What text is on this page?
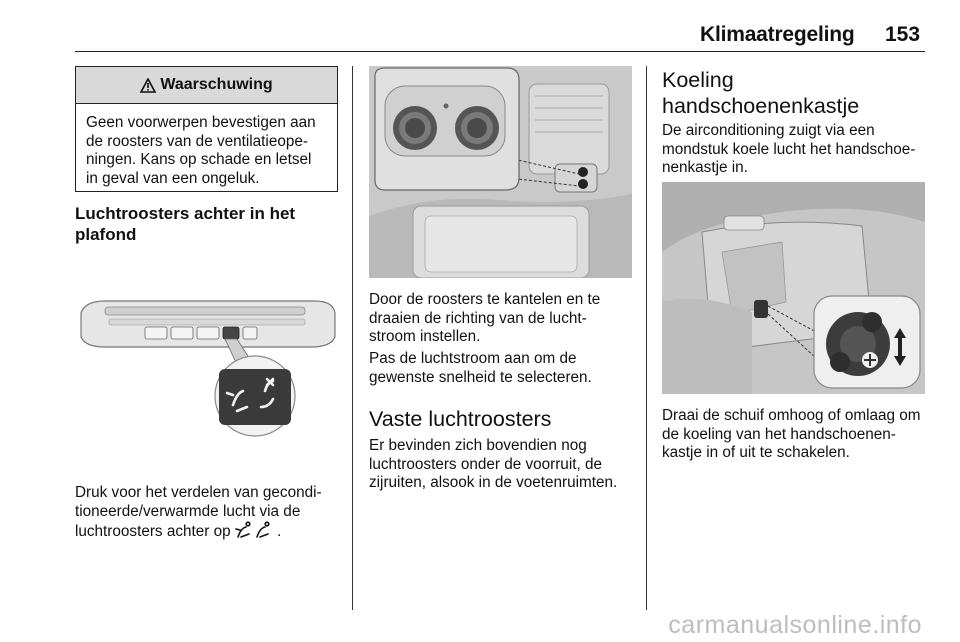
Klimaatregeling 153
Waarschuwing
Geen voorwerpen bevestigen aan
de roosters van de ventilatieope-
ningen. Kans op schade en letsel
in geval van een ongeluk.
Luchtroosters achter in het
plafond
Druk voor het verdelen van gecondi-
tioneerde/verwarmde lucht via de
luchtroosters achter op	.
Door de roosters te kantelen en te
draaien de richting van de lucht-
stroom instellen.
Pas de luchtstroom aan om de
gewenste snelheid te selecteren.
Vaste luchtroosters
Er bevinden zich bovendien nog
luchtroosters onder de voorruit, de
zijruiten, alsook in de voetenruimten.
Koeling
handschoenenkastje
De airconditioning zuigt via een
mondstuk koele lucht het handschoe-
nenkastje in.
Draai de schuif omhoog of omlaag om
de koeling van het handschoenen-
kastje in of uit te schakelen.
carmanualsonline.info
